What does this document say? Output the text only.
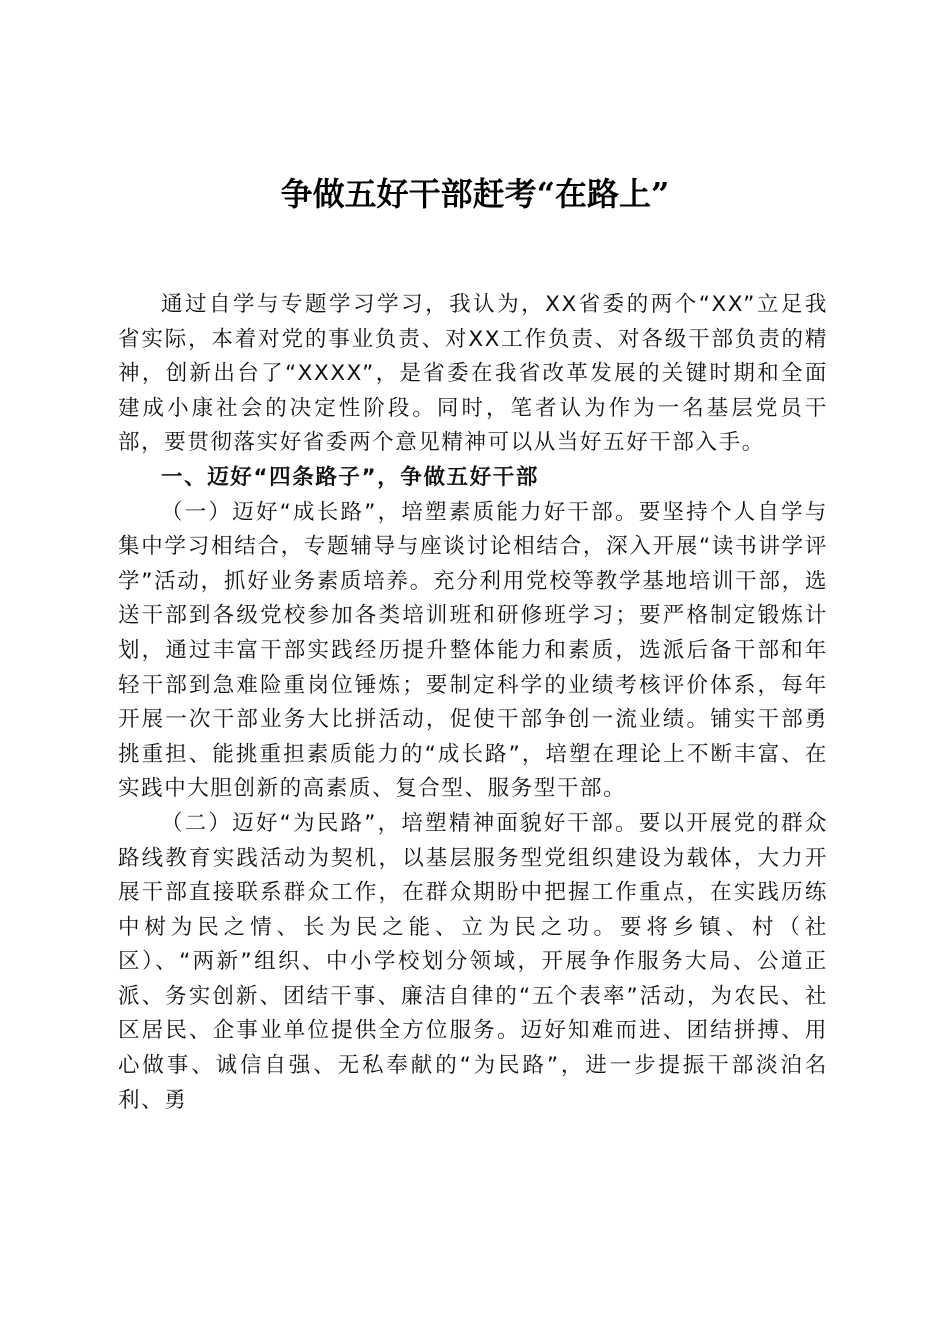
争做五好干部赶考“在路上”

通过自学与专题学习学习，我认为，XX省委的两个“XX”立足我省实际，本着对党的事业负责、对XX工作负责、对各级干部负责的精神，创新出台了“XXXX”，是省委在我省改革发展的关键时期和全面建成小康社会的决定性阶段。同时，笔者认为作为一名基层党员干部，要贯彻落实好省委两个意见精神可以从当好五好干部入手。

一、迈好“四条路子”，争做五好干部

（一）迈好“成长路”，培塑素质能力好干部。要坚持个人自学与集中学习相结合，专题辅导与座谈讨论相结合，深入开展“读书讲学评学”活动，抓好业务素质培养。充分利用党校等教学基地培训干部，选送干部到各级党校参加各类培训班和研修班学习；要严格制定锻炼计划，通过丰富干部实践经历提升整体能力和素质，选派后备干部和年轻干部到急难险重岗位锤炼；要制定科学的业绩考核评价体系，每年开展一次干部业务大比拼活动，促使干部争创一流业绩。铺实干部勇挑重担、能挑重担素质能力的“成长路”，培塑在理论上不断丰富、在实践中大胆创新的高素质、复合型、服务型干部。

（二）迈好“为民路”，培塑精神面貌好干部。要以开展党的群众路线教育实践活动为契机，以基层服务型党组织建设为载体，大力开展干部直接联系群众工作，在群众期盼中把握工作重点，在实践历练中树为民之情、长为民之能、立为民之功。要将乡镇、村（社区）、“两新”组织、中小学校划分领域，开展争作服务大局、公道正派、务实创新、团结干事、廉洁自律的“五个表率”活动，为农民、社区居民、企事业单位提供全方位服务。迈好知难而进、团结拼搏、用心做事、诚信自强、无私奉献的“为民路”，进一步提振干部淡泊名利、勇
